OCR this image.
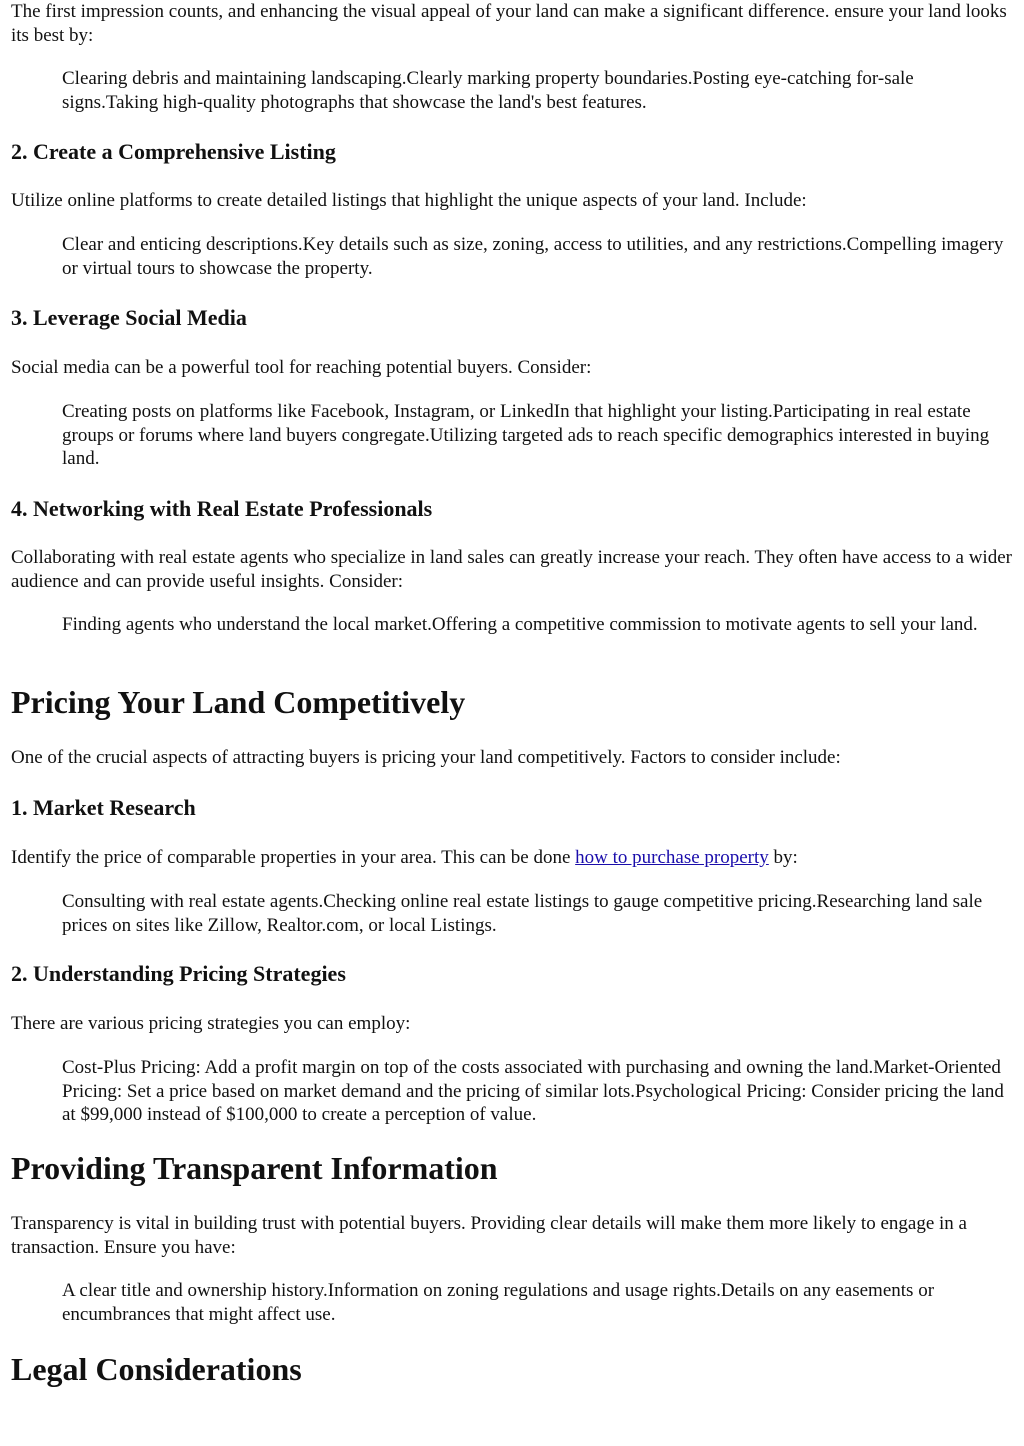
The first impression counts, and enhancing the visual appeal of your land can make a significant difference. ensure your land looks its best by:

Clearing debris and maintaining landscaping.Clearly marking property boundaries.Posting eye-catching for-sale signs.Taking high-quality photographs that showcase the land's best features.

2. Create a Comprehensive Listing

Utilize online platforms to create detailed listings that highlight the unique aspects of your land. Include:

Clear and enticing descriptions.Key details such as size, zoning, access to utilities, and any restrictions.Compelling imagery or virtual tours to showcase the property.

3. Leverage Social Media

Social media can be a powerful tool for reaching potential buyers. Consider:

Creating posts on platforms like Facebook, Instagram, or LinkedIn that highlight your listing.Participating in real estate groups or forums where land buyers congregate.Utilizing targeted ads to reach specific demographics interested in buying land.

4. Networking with Real Estate Professionals

Collaborating with real estate agents who specialize in land sales can greatly increase your reach. They often have access to a wider audience and can provide useful insights. Consider:

Finding agents who understand the local market.Offering a competitive commission to motivate agents to sell your land.

Pricing Your Land Competitively

One of the crucial aspects of attracting buyers is pricing your land competitively. Factors to consider include:

1. Market Research

Identify the price of comparable properties in your area. This can be done how to purchase property by:

Consulting with real estate agents.Checking online real estate listings to gauge competitive pricing.Researching land sale prices on sites like Zillow, Realtor.com, or local Listings.

2. Understanding Pricing Strategies

There are various pricing strategies you can employ:

Cost-Plus Pricing: Add a profit margin on top of the costs associated with purchasing and owning the land.Market-Oriented Pricing: Set a price based on market demand and the pricing of similar lots.Psychological Pricing: Consider pricing the land at $99,000 instead of $100,000 to create a perception of value.

Providing Transparent Information

Transparency is vital in building trust with potential buyers. Providing clear details will make them more likely to engage in a transaction. Ensure you have:

A clear title and ownership history.Information on zoning regulations and usage rights.Details on any easements or encumbrances that might affect use.

Legal Considerations
